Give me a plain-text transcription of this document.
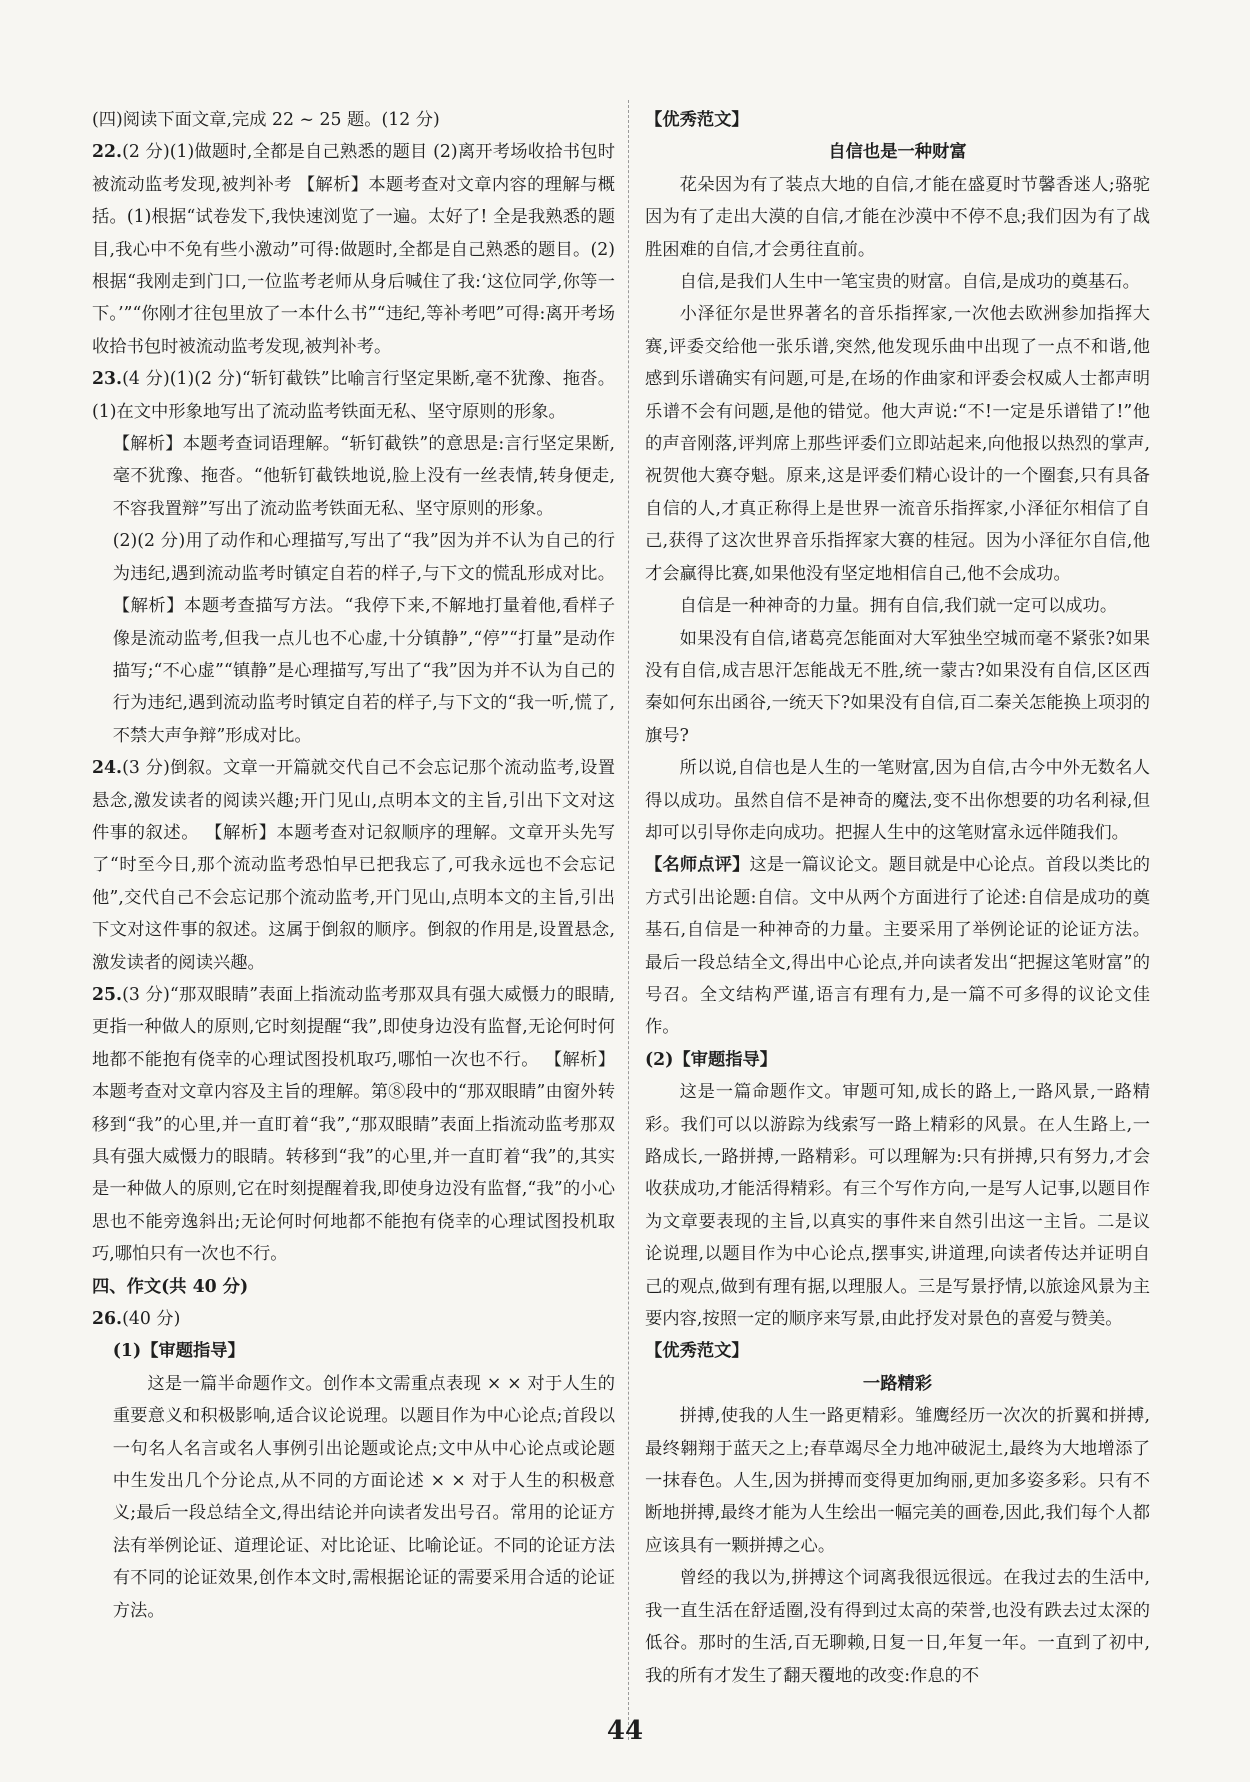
(四)阅读下面文章,完成 22 ~ 25 题。(12 分)

22.(2 分)(1)做题时,全都是自己熟悉的题目 (2)离开考场收拾书包时被流动监考发现,被判补考 【解析】本题考查对文章内容的理解与概括。(1)根据“试卷发下,我快速浏览了一遍。太好了! 全是我熟悉的题目,我心中不免有些小激动”可得:做题时,全都是自己熟悉的题目。(2)根据“我刚走到门口,一位监考老师从身后喊住了我:‘这位同学,你等一下。’”“你刚才往包里放了一本什么书”“违纪,等补考吧”可得:离开考场收拾书包时被流动监考发现,被判补考。

23.(4 分)(1)(2 分)“斩钉截铁”比喻言行坚定果断,毫不犹豫、拖沓。(1)在文中形象地写出了流动监考铁面无私、坚守原则的形象。

【解析】本题考查词语理解。“斩钉截铁”的意思是:言行坚定果断,毫不犹豫、拖沓。“他斩钉截铁地说,脸上没有一丝表情,转身便走,不容我置辩”写出了流动监考铁面无私、坚守原则的形象。

(2)(2 分)用了动作和心理描写,写出了“我”因为并不认为自己的行为违纪,遇到流动监考时镇定自若的样子,与下文的慌乱形成对比。 【解析】本题考查描写方法。“我停下来,不解地打量着他,看样子像是流动监考,但我一点儿也不心虚,十分镇静”,“停”“打量”是动作描写;“不心虚”“镇静”是心理描写,写出了“我”因为并不认为自己的行为违纪,遇到流动监考时镇定自若的样子,与下文的“我一听,慌了,不禁大声争辩”形成对比。

24.(3 分)倒叙。文章一开篇就交代自己不会忘记那个流动监考,设置悬念,激发读者的阅读兴趣;开门见山,点明本文的主旨,引出下文对这件事的叙述。 【解析】本题考查对记叙顺序的理解。文章开头先写了“时至今日,那个流动监考恐怕早已把我忘了,可我永远也不会忘记他”,交代自己不会忘记那个流动监考,开门见山,点明本文的主旨,引出下文对这件事的叙述。这属于倒叙的顺序。倒叙的作用是,设置悬念,激发读者的阅读兴趣。

25.(3 分)“那双眼睛”表面上指流动监考那双具有强大威慑力的眼睛,更指一种做人的原则,它时刻提醒“我”,即使身边没有监督,无论何时何地都不能抱有侥幸的心理试图投机取巧,哪怕一次也不行。 【解析】本题考查对文章内容及主旨的理解。第⑧段中的“那双眼睛”由窗外转移到“我”的心里,并一直盯着“我”,“那双眼睛”表面上指流动监考那双具有强大威慑力的眼睛。转移到“我”的心里,并一直盯着“我”的,其实是一种做人的原则,它在时刻提醒着我,即使身边没有监督,“我”的小心思也不能旁逸斜出;无论何时何地都不能抱有侥幸的心理试图投机取巧,哪怕只有一次也不行。

四、作文(共 40 分)

26.(40 分)

(1)【审题指导】

这是一篇半命题作文。创作本文需重点表现 × × 对于人生的重要意义和积极影响,适合议论说理。以题目作为中心论点;首段以一句名人名言或名人事例引出论题或论点;文中从中心论点或论题中生发出几个分论点,从不同的方面论述 × × 对于人生的积极意义;最后一段总结全文,得出结论并向读者发出号召。常用的论证方法有举例论证、道理论证、对比论证、比喻论证。不同的论证方法有不同的论证效果,创作本文时,需根据论证的需要采用合适的论证方法。

【优秀范文】

自信也是一种财富

花朵因为有了装点大地的自信,才能在盛夏时节馨香迷人;骆驼因为有了走出大漠的自信,才能在沙漠中不停不息;我们因为有了战胜困难的自信,才会勇往直前。

自信,是我们人生中一笔宝贵的财富。自信,是成功的奠基石。

小泽征尔是世界著名的音乐指挥家,一次他去欧洲参加指挥大赛,评委交给他一张乐谱,突然,他发现乐曲中出现了一点不和谐,他感到乐谱确实有问题,可是,在场的作曲家和评委会权威人士都声明乐谱不会有问题,是他的错觉。他大声说:“不!一定是乐谱错了!”他的声音刚落,评判席上那些评委们立即站起来,向他报以热烈的掌声,祝贺他大赛夺魁。原来,这是评委们精心设计的一个圈套,只有具备自信的人,才真正称得上是世界一流音乐指挥家,小泽征尔相信了自己,获得了这次世界音乐指挥家大赛的桂冠。因为小泽征尔自信,他才会赢得比赛,如果他没有坚定地相信自己,他不会成功。

自信是一种神奇的力量。拥有自信,我们就一定可以成功。

如果没有自信,诸葛亮怎能面对大军独坐空城而毫不紧张?如果没有自信,成吉思汗怎能战无不胜,统一蒙古?如果没有自信,区区西秦如何东出函谷,一统天下?如果没有自信,百二秦关怎能换上项羽的旗号?

所以说,自信也是人生的一笔财富,因为自信,古今中外无数名人得以成功。虽然自信不是神奇的魔法,变不出你想要的功名利禄,但却可以引导你走向成功。把握人生中的这笔财富永远伴随我们。

【名师点评】这是一篇议论文。题目就是中心论点。首段以类比的方式引出论题:自信。文中从两个方面进行了论述:自信是成功的奠基石,自信是一种神奇的力量。主要采用了举例论证的论证方法。最后一段总结全文,得出中心论点,并向读者发出“把握这笔财富”的号召。全文结构严谨,语言有理有力,是一篇不可多得的议论文佳作。

(2)【审题指导】

这是一篇命题作文。审题可知,成长的路上,一路风景,一路精彩。我们可以以游踪为线索写一路上精彩的风景。在人生路上,一路成长,一路拼搏,一路精彩。可以理解为:只有拼搏,只有努力,才会收获成功,才能活得精彩。有三个写作方向,一是写人记事,以题目作为文章要表现的主旨,以真实的事件来自然引出这一主旨。二是议论说理,以题目作为中心论点,摆事实,讲道理,向读者传达并证明自己的观点,做到有理有据,以理服人。三是写景抒情,以旅途风景为主要内容,按照一定的顺序来写景,由此抒发对景色的喜爱与赞美。

【优秀范文】

一路精彩

拼搏,使我的人生一路更精彩。雏鹰经历一次次的折翼和拼搏,最终翱翔于蓝天之上;春草竭尽全力地冲破泥土,最终为大地增添了一抹春色。人生,因为拼搏而变得更加绚丽,更加多姿多彩。只有不断地拼搏,最终才能为人生绘出一幅完美的画卷,因此,我们每个人都应该具有一颗拼搏之心。

曾经的我以为,拼搏这个词离我很远很远。在我过去的生活中,我一直生活在舒适圈,没有得到过太高的荣誉,也没有跌去过太深的低谷。那时的生活,百无聊赖,日复一日,年复一年。一直到了初中,我的所有才发生了翻天覆地的改变:作息的不

44
